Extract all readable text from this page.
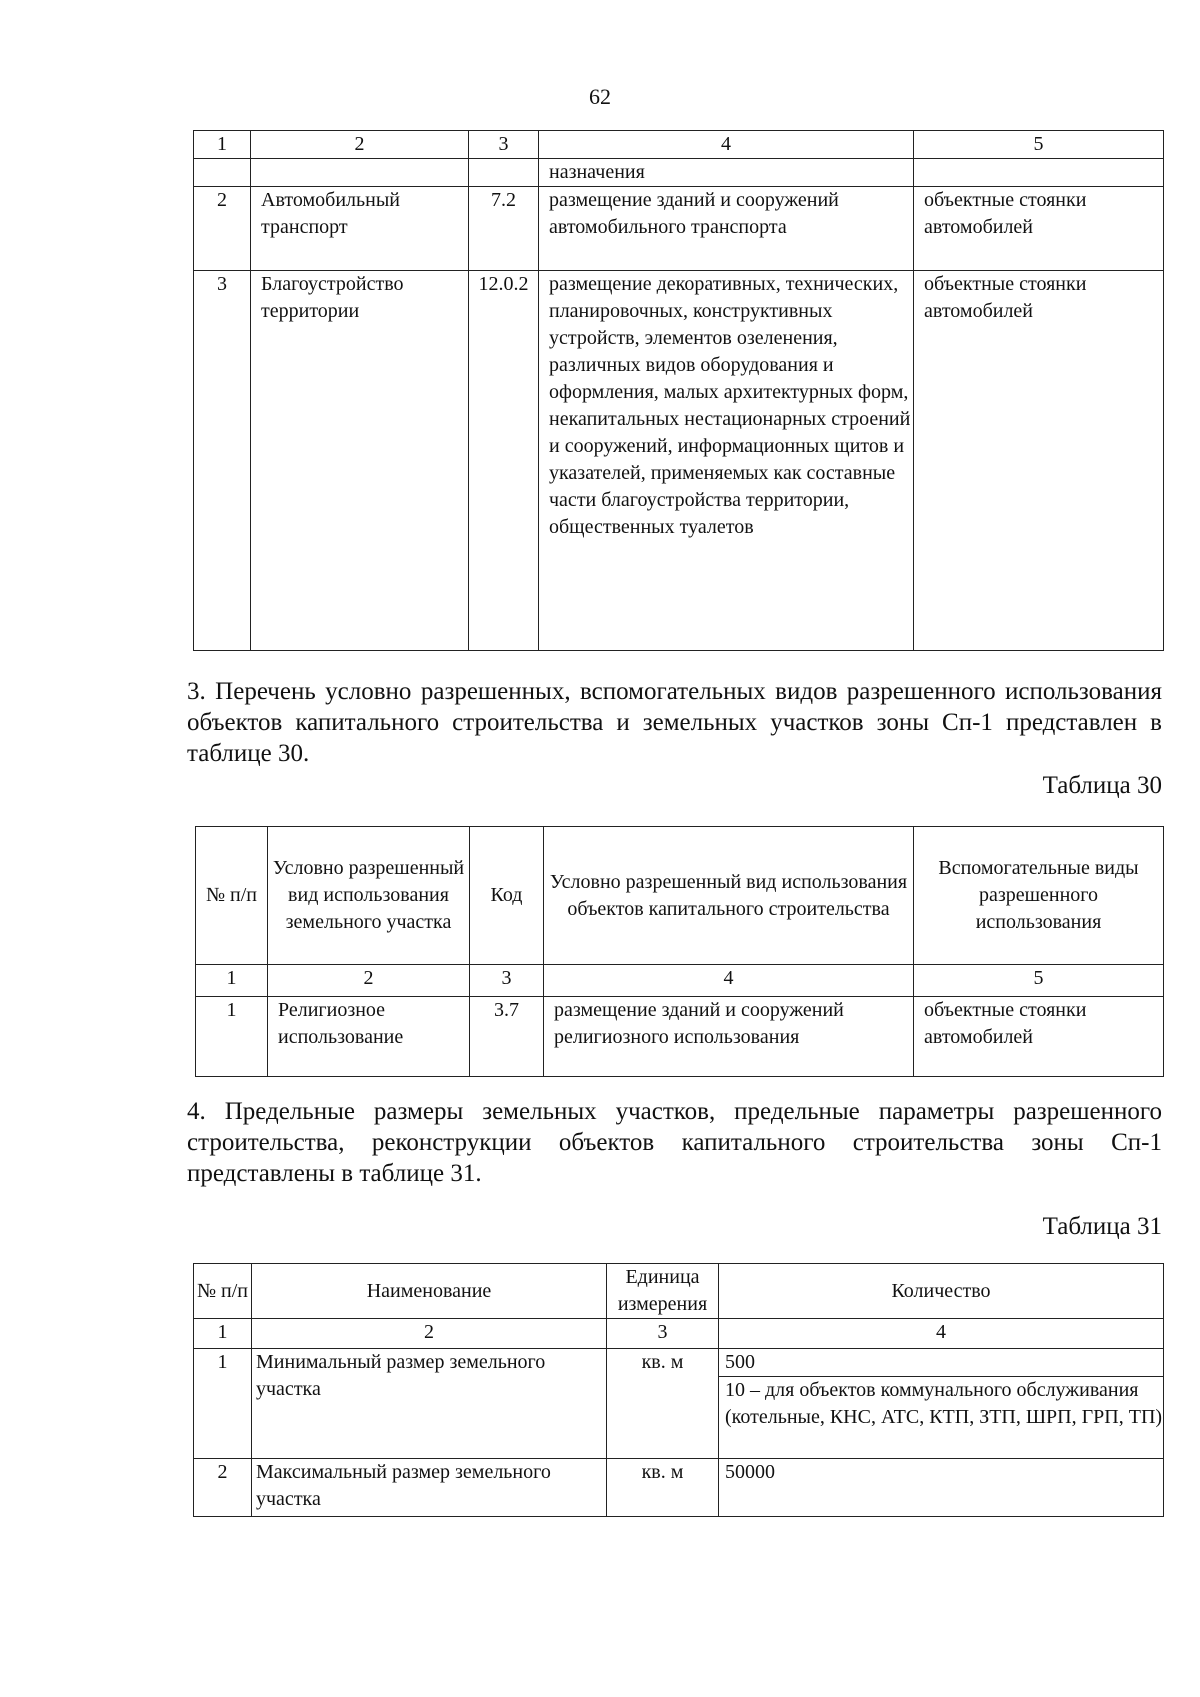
62
1	2	3	4	5
			назначения	
2	Автомобильный транспорт	7.2	размещение зданий и сооружений автомобильного транспорта	объектные стоянки автомобилей
3	Благоустройство территории	12.0.2	размещение декоративных, технических, планировочных, конструктивных устройств, элементов озеленения, различных видов оборудования и оформления, малых архитектурных форм, некапитальных нестационарных строений и сооружений, информационных щитов и указателей, применяемых как составные части благоустройства территории, общественных туалетов	объектные стоянки автомобилей
3. Перечень условно разрешенных, вспомогательных видов разрешенного использования объектов капитального строительства и земельных участков зоны Сп-1 представлен в таблице 30.
Таблица 30
№ п/п	Условно разрешенный вид использования земельного участка	Код	Условно разрешенный вид использования объектов капитального строительства	Вспомогательные виды разрешенного использования
1	2	3	4	5
1	Религиозное использование	3.7	размещение зданий и сооружений религиозного использования	объектные стоянки автомобилей
4. Предельные размеры земельных участков, предельные параметры разрешенного строительства, реконструкции объектов капитального строительства зоны Сп-1 представлены в таблице 31.
Таблица 31
№ п/п	Наименование	Единица измерения	Количество
1	2	3	4
1	Минимальный размер земельного участка	кв. м	500
			10 – для объектов коммунального обслуживания (котельные, КНС, АТС, КТП, ЗТП, ШРП, ГРП, ТП)
2	Максимальный размер земельного участка	кв. м	50000
